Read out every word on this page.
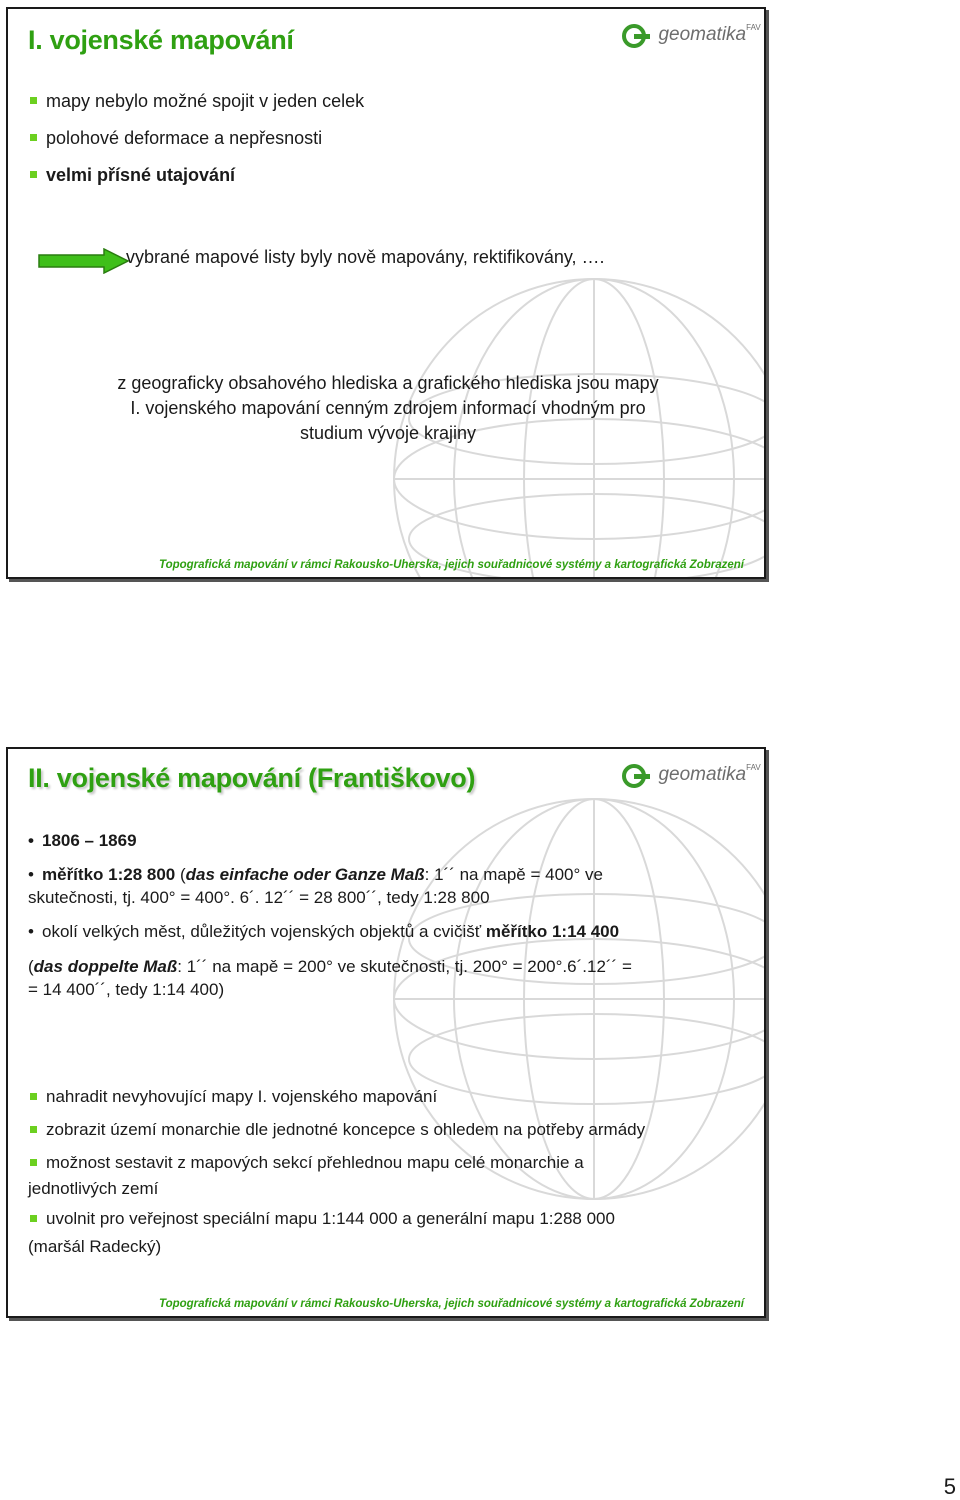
I. vojenské mapování	geomatika$^{FAV}$
mapy nebylo možné spojit v jeden celek
polohové deformace a nepřesnosti
velmi přísné utajování
vybrané mapové listy byly nově mapovány, rektifikovány, ….
z geograficky obsahového hlediska a grafického hlediska jsou mapy
I. vojenského mapování cenným zdrojem informací vhodným pro
studium vývoje krajiny
Topografická mapování v rámci Rakousko-Uherska, jejich souřadnicové systémy a kartografická Zobrazení
II. vojenské mapování (Františkovo)	geomatika$^{FAV}$
• 1806 – 1869
• měřítko 1:28 800 (das einfache oder Ganze Maß: 1´´ na mapě = 400° ve
skutečnosti, tj. 400° = 400°. 6´. 12´´ = 28 800´´, tedy 1:28 800
• okolí velkých měst, důležitých vojenských objektů a cvičišť měřítko 1:14 400
(das doppelte Maß: 1´´ na mapě = 200° ve skutečnosti, tj. 200° = 200°.6´.12´´ =
= 14 400´´, tedy 1:14 400)
nahradit nevyhovující mapy I. vojenského mapování
zobrazit území monarchie dle jednotné koncepce s ohledem na potřeby armády
možnost sestavit z mapových sekcí přehlednou mapu celé monarchie a
uvolnit pro veřejnost speciální mapu 1:144 000 a generální mapu 1:288 000
jednotlivých zemí
(maršál Radecký)
Topografická mapování v rámci Rakousko-Uherska, jejich souřadnicové systémy a kartografická Zobrazení
5
